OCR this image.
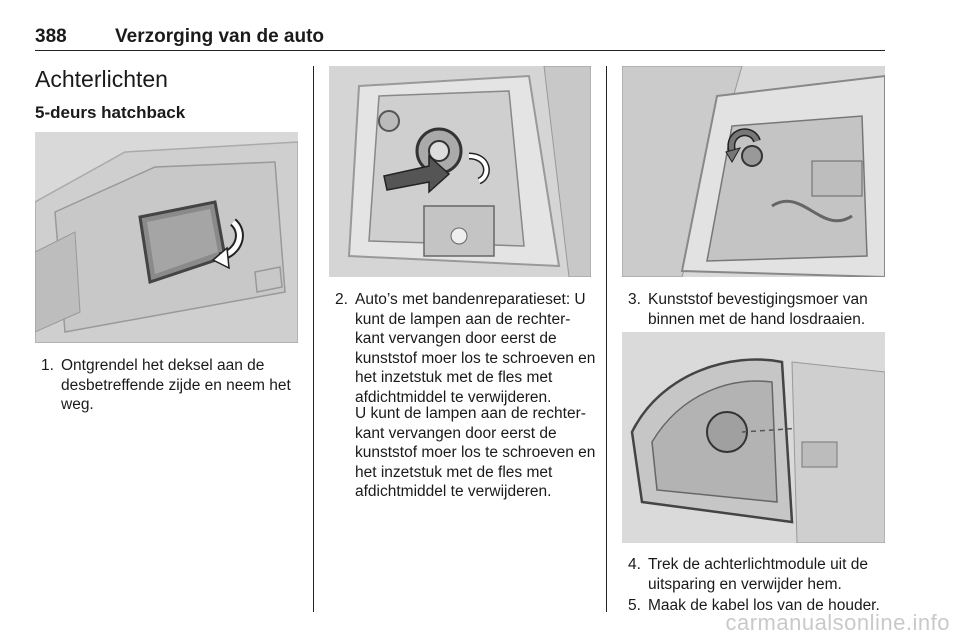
388	Verzorging van de auto
Achterlichten
5-deurs hatchback
1. Ontgrendel het deksel aan de desbetreffende zijde en neem het weg.
2. Auto’s met bandenreparatieset: U kunt de lampen aan de rechter-kant vervangen door eerst de kunststof moer los te schroeven en het inzetstuk met de fles met afdichtmiddel te verwijderen.
U kunt de lampen aan de rechter-kant vervangen door eerst de kunststof moer los te schroeven en het inzetstuk met de fles met afdichtmiddel te verwijderen.
3. Kunststof bevestigingsmoer van binnen met de hand losdraaien.
4. Trek de achterlichtmodule uit de uitsparing en verwijder hem.
5. Maak de kabel los van de houder.
carmanualsonline.info
